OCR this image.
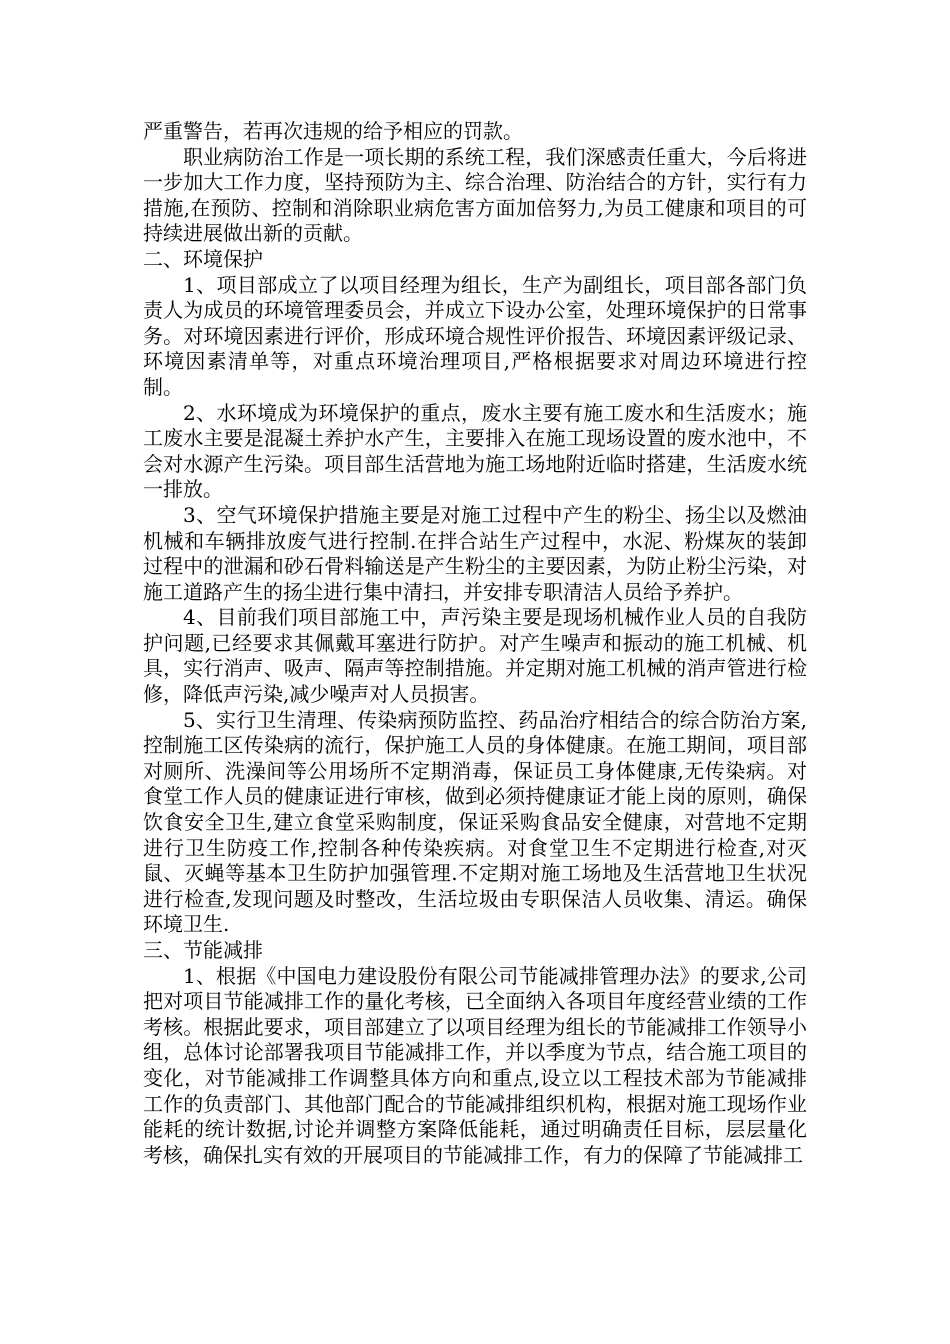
严重警告，若再次违规的给予相应的罚款。

职业病防治工作是一项长期的系统工程，我们深感责任重大，今后将进一步加大工作力度，坚持预防为主、综合治理、防治结合的方针，实行有力措施,在预防、控制和消除职业病危害方面加倍努力,为员工健康和项目的可持续进展做出新的贡献。

二、环境保护

1、项目部成立了以项目经理为组长，生产为副组长，项目部各部门负责人为成员的环境管理委员会，并成立下设办公室，处理环境保护的日常事务。对环境因素进行评价，形成环境合规性评价报告、环境因素评级记录、环境因素清单等，对重点环境治理项目,严格根据要求对周边环境进行控制。

2、水环境成为环境保护的重点，废水主要有施工废水和生活废水；施工废水主要是混凝土养护水产生，主要排入在施工现场设置的废水池中，不会对水源产生污染。项目部生活营地为施工场地附近临时搭建，生活废水统一排放。

3、空气环境保护措施主要是对施工过程中产生的粉尘、扬尘以及燃油机械和车辆排放废气进行控制.在拌合站生产过程中，水泥、粉煤灰的装卸过程中的泄漏和砂石骨料输送是产生粉尘的主要因素，为防止粉尘污染，对施工道路产生的扬尘进行集中清扫，并安排专职清洁人员给予养护。

4、目前我们项目部施工中，声污染主要是现场机械作业人员的自我防护问题,已经要求其佩戴耳塞进行防护。对产生噪声和振动的施工机械、机具，实行消声、吸声、隔声等控制措施。并定期对施工机械的消声管进行检修，降低声污染,减少噪声对人员损害。

5、实行卫生清理、传染病预防监控、药品治疗相结合的综合防治方案,控制施工区传染病的流行，保护施工人员的身体健康。在施工期间，项目部对厕所、洗澡间等公用场所不定期消毒，保证员工身体健康,无传染病。对食堂工作人员的健康证进行审核，做到必须持健康证才能上岗的原则，确保饮食安全卫生,建立食堂采购制度，保证采购食品安全健康，对营地不定期进行卫生防疫工作,控制各种传染疾病。对食堂卫生不定期进行检查,对灭鼠、灭蝇等基本卫生防护加强管理.不定期对施工场地及生活营地卫生状况进行检查,发现问题及时整改，生活垃圾由专职保洁人员收集、清运。确保环境卫生.

三、节能减排

1、根据《中国电力建设股份有限公司节能减排管理办法》的要求,公司把对项目节能减排工作的量化考核，已全面纳入各项目年度经营业绩的工作考核。根据此要求，项目部建立了以项目经理为组长的节能减排工作领导小组，总体讨论部署我项目节能减排工作，并以季度为节点，结合施工项目的变化，对节能减排工作调整具体方向和重点,设立以工程技术部为节能减排工作的负责部门、其他部门配合的节能减排组织机构，根据对施工现场作业能耗的统计数据,讨论并调整方案降低能耗，通过明确责任目标，层层量化考核，确保扎实有效的开展项目的节能减排工作，有力的保障了节能减排工
